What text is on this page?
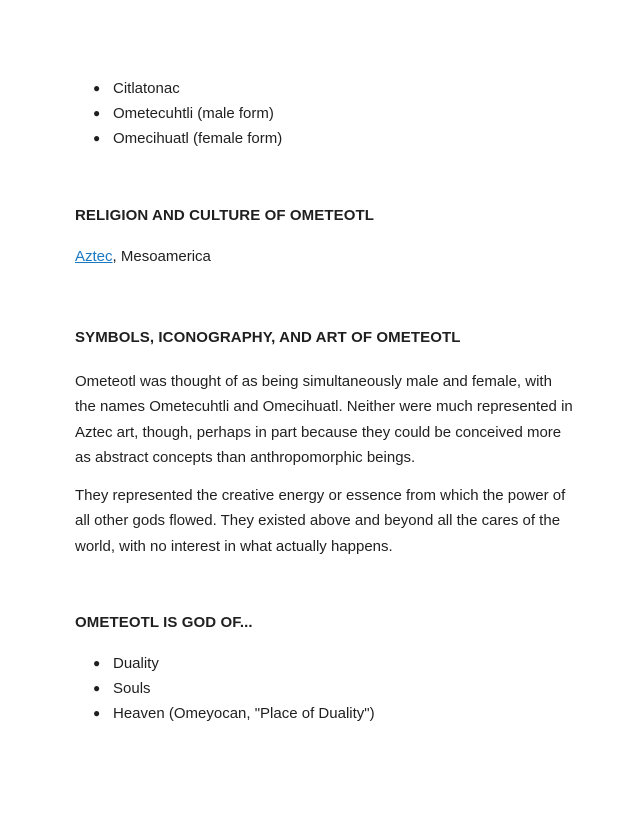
● Citlatonac
● Ometecuhtli (male form)
● Omecihuatl (female form)
RELIGION AND CULTURE OF OMETEOTL

Aztec, Mesoamerica

SYMBOLS, ICONOGRAPHY, AND ART OF OMETEOTL

Ometeotl was thought of as being simultaneously male and female, with the names Ometecuhtli and Omecihuatl. Neither were much represented in Aztec art, though, perhaps in part because they could be conceived more as abstract concepts than anthropomorphic beings.

They represented the creative energy or essence from which the power of all other gods flowed. They existed above and beyond all the cares of the world, with no interest in what actually happens.

OMETEOTL IS GOD OF...
● Duality
● Souls
● Heaven (Omeyocan, "Place of Duality")
